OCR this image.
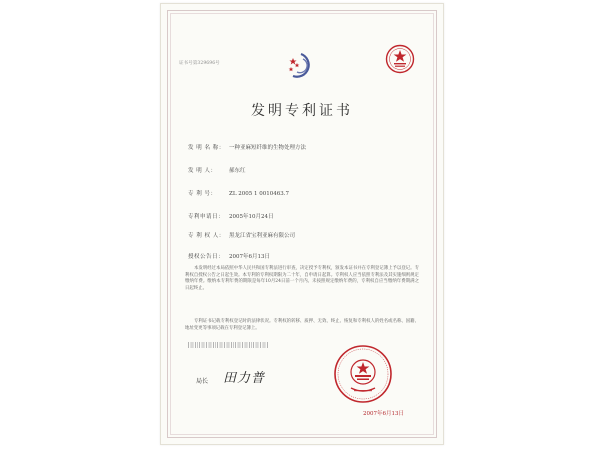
证书号第329696号
发明专利证书
发 明 名 称： 一种亚麻短纤维的生物处理方法
发 明 人： 郝东红
专 利 号： ZL 2005 1 0010463.7
专利申请日： 2005年10月24日
专 利 权 人： 黑龙江省宝利亚麻有限公司
授权公告日： 2007年6月13日

本发明经过本局依照中华人民共和国专利法进行审查，决定授予专利权，颁发本证书并在专利登记簿上予以登记。专利权自授权公告之日起生效。本专利的专利权期限为二十年，自申请日起算。专利权人应当依照专利法及其实施细则规定缴纳年费。缴纳本专利年费的期限是每年10月24日前一个月内。未按照规定缴纳年费的，专利权自应当缴纳年费期满之日起终止。

专利证书记载专利权登记时的法律状况。专利权的转移、质押、无效、终止、恢复和专利权人的姓名或名称、国籍、地址变更等事项记载在专利登记簿上。

局长 田力普
2007年6月13日
